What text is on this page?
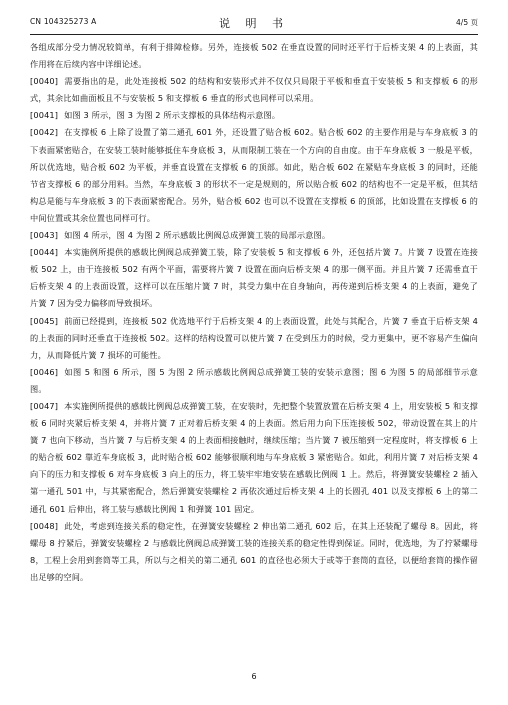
CN 104325273 A	说 明 书	4/5 页

各组成部分受力情况较简单，有利于排障检修。另外，连接板 502 在垂直设置的同时还平行于后桥支架 4 的上表面，其作用将在后续内容中详细论述。

[0040] 需要指出的是，此处连接板 502 的结构和安装形式并不仅仅只局限于平板和垂直于安装板 5 和支撑板 6 的形式，其余比如曲面板且不与安装板 5 和支撑板 6 垂直的形式也同样可以采用。

[0041] 如图 3 所示，图 3 为图 2 所示支撑板的具体结构示意图。

[0042] 在支撑板 6 上除了设置了第二通孔 601 外，还设置了贴合板 602。贴合板 602 的主要作用是与车身底板 3 的下表面紧密贴合，在安装工装时能够抵住车身底板 3，从而限制工装在一个方向的自由度。由于车身底板 3 一般是平板，所以优选地，贴合板 602 为平板，并垂直设置在支撑板 6 的顶部。如此，贴合板 602 在紧贴车身底板 3 的同时，还能节省支撑板 6 的部分用料。当然，车身底板 3 的形状不一定是规则的，所以贴合板 602 的结构也不一定是平板，但其结构总是能与车身底板 3 的下表面紧密配合。另外，贴合板 602 也可以不设置在支撑板 6 的顶部，比如设置在支撑板 6 的中间位置或其余位置也同样可行。

[0043] 如图 4 所示，图 4 为图 2 所示感载比例阀总成弹簧工装的局部示意图。

[0044] 本实施例所提供的感载比例阀总成弹簧工装，除了安装板 5 和支撑板 6 外，还包括片簧 7。片簧 7 设置在连接板 502 上，由于连接板 502 有两个平面，需要将片簧 7 设置在面向后桥支架 4 的那一侧平面。并且片簧 7 还需垂直于后桥支架 4 的上表面设置，这样可以在压缩片簧 7 时，其受力集中在自身轴向，再传递到后桥支架 4 的上表面，避免了片簧 7 因为受力偏移而导致损坏。

[0045] 前面已经提到，连接板 502 优选地平行于后桥支架 4 的上表面设置，此处与其配合，片簧 7 垂直于后桥支架 4 的上表面的同时还垂直于连接板 502。这样的结构设置可以使片簧 7 在受到压力的时候，受力更集中，更不容易产生偏向力，从而降低片簧 7 损坏的可能性。

[0046] 如图 5 和图 6 所示，图 5 为图 2 所示感载比例阀总成弹簧工装的安装示意图；图 6 为图 5 的局部细节示意图。

[0047] 本实施例所提供的感载比例阀总成弹簧工装，在安装时，先把整个装置放置在后桥支架 4 上，用安装板 5 和支撑板 6 同时夹紧后桥支架 4，并将片簧 7 正对着后桥支架 4 的上表面。然后用力向下压连接板 502，带动设置在其上的片簧 7 也向下移动，当片簧 7 与后桥支架 4 的上表面相接触时，继续压缩；当片簧 7 被压缩到一定程度时，将支撑板 6 上的贴合板 602 靠近车身底板 3，此时贴合板 602 能够很顺利地与车身底板 3 紧密贴合。如此，利用片簧 7 对后桥支架 4 向下的压力和支撑板 6 对车身底板 3 向上的压力，将工装牢牢地安装在感载比例阀 1 上。然后，将弹簧安装螺栓 2 插入第一通孔 501 中，与其紧密配合，然后弹簧安装螺栓 2 再依次通过后桥支架 4 上的长圆孔 401 以及支撑板 6 上的第二通孔 601 后伸出，将工装与感载比例阀 1 和弹簧 101 固定。

[0048] 此处，考虑到连接关系的稳定性，在弹簧安装螺栓 2 伸出第二通孔 602 后，在其上还装配了螺母 8。因此，将螺母 8 拧紧后，弹簧安装螺栓 2 与感载比例阀总成弹簧工装的连接关系的稳定性得到保证。同时，优选地，为了拧紧螺母 8，工程上会用到套筒等工具，所以与之相关的第二通孔 601 的直径也必须大于或等于套筒的直径，以便给套筒的操作留出足够的空间。

6
